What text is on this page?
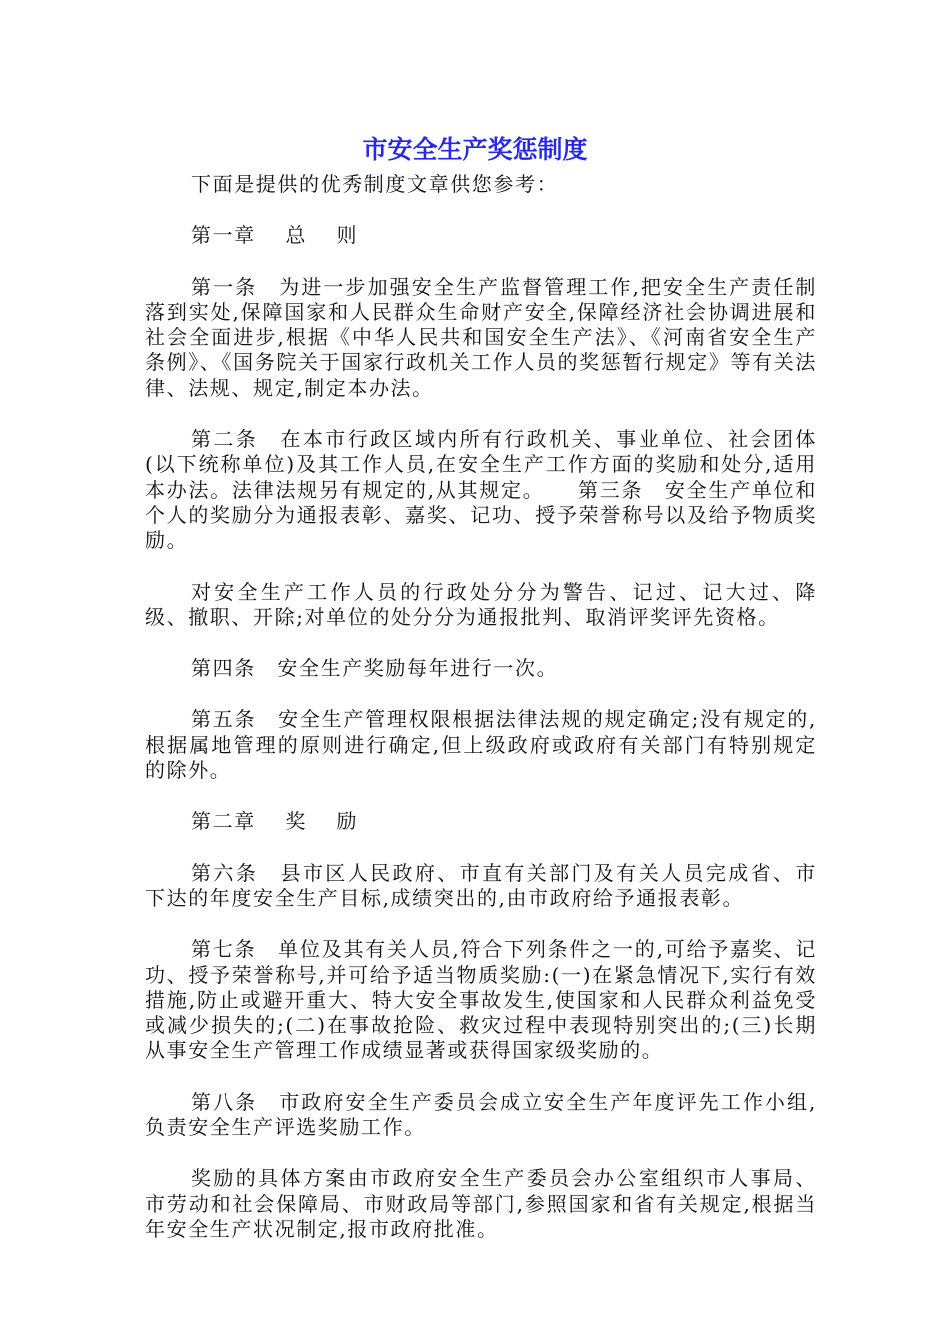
市安全生产奖惩制度

下面是提供的优秀制度文章供您参考：

第一章　 总　 则

第一条　为进一步加强安全生产监督管理工作,把安全生产责任制落到实处,保障国家和人民群众生命财产安全,保障经济社会协调进展和社会全面进步,根据《中华人民共和国安全生产法》、《河南省安全生产条例》、《国务院关于国家行政机关工作人员的奖惩暂行规定》等有关法律、法规、规定,制定本办法。

第二条　在本市行政区域内所有行政机关、事业单位、社会团体(以下统称单位)及其工作人员,在安全生产工作方面的奖励和处分,适用本办法。法律法规另有规定的,从其规定。　　第三条　安全生产单位和个人的奖励分为通报表彰、嘉奖、记功、授予荣誉称号以及给予物质奖励。

对安全生产工作人员的行政处分分为警告、记过、记大过、降级、撤职、开除;对单位的处分分为通报批判、取消评奖评先资格。

第四条　安全生产奖励每年进行一次。

第五条　安全生产管理权限根据法律法规的规定确定;没有规定的,根据属地管理的原则进行确定,但上级政府或政府有关部门有特别规定的除外。

第二章　 奖　 励

第六条　县市区人民政府、市直有关部门及有关人员完成省、市下达的年度安全生产目标,成绩突出的,由市政府给予通报表彰。

第七条　单位及其有关人员,符合下列条件之一的,可给予嘉奖、记功、授予荣誉称号,并可给予适当物质奖励:(一)在紧急情况下,实行有效措施,防止或避开重大、特大安全事故发生,使国家和人民群众利益免受或减少损失的;(二)在事故抢险、救灾过程中表现特别突出的;(三)长期从事安全生产管理工作成绩显著或获得国家级奖励的。

第八条　市政府安全生产委员会成立安全生产年度评先工作小组,负责安全生产评选奖励工作。

奖励的具体方案由市政府安全生产委员会办公室组织市人事局、市劳动和社会保障局、市财政局等部门,参照国家和省有关规定,根据当年安全生产状况制定,报市政府批准。
